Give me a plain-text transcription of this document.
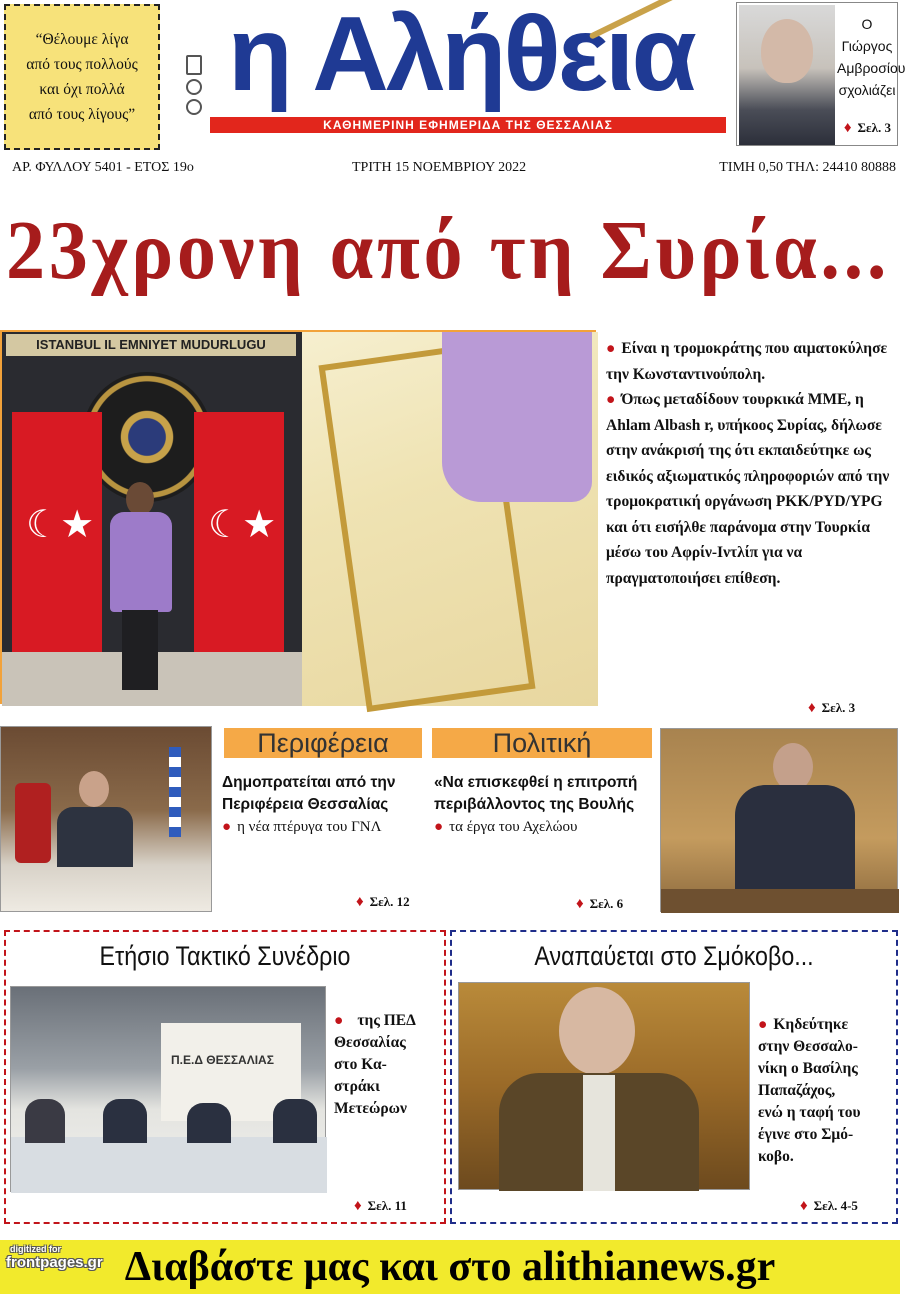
“Θέλουμε λίγα
από τους πολλούς
και όχι πολλά
από τους λίγους”
η Αλήθεια
ΚΑΘΗΜΕΡΙΝΗ ΕΦΗΜΕΡΙΔΑ ΤΗΣ ΘΕΣΣΑΛΙΑΣ
Ο Γιώργος
Αμβροσίου
σχολιάζει
♦ Σελ. 3
ΑΡ. ΦΥΛΛΟΥ 5401 - ΕΤΟΣ 19ο	ΤΡΙΤΗ 15 ΝΟΕΜΒΡΙΟΥ 2022	ΤΙΜΗ 0,50 ΤΗΛ: 24410 80888
23χρονη από τη Συρία...
ISTANBUL IL EMNIYET MUDURLUGU
☾★
☾★	● Είναι η τρομοκράτης που αιματοκύλησε την Κωνσταντινούπολη.

● Όπως μεταδίδουν τουρκικά ΜΜΕ, η Ahlam Albash r, υπήκοος Συρίας, δήλωσε στην ανάκρισή της ότι εκπαιδεύτηκε ως ειδικός αξιωματικός πληροφοριών από την τρομοκρατική οργάνωση PKK/PYD/YPG και ότι εισήλθε παράνομα στην Τουρκία μέσω του Αφρίν-Ιντλίπ για να πραγματοποιήσει επίθεση.

♦ Σελ. 3
Περιφέρεια
Δημοπρατείται από την Περιφέρεια Θεσσαλίας
● η νέα πτέρυγα του ΓΝΛ
♦ Σελ. 12
Πολιτική
«Να επισκεφθεί η επιτροπή περιβάλλοντος της Βουλής
● τα έργα του Αχελώου
♦ Σελ. 6
Ετήσιο Τακτικό Συνέδριο
Π.Ε.Δ ΘΕΣΣΑΛΙΑΣ
● της ΠΕΔ
Θεσσαλίας
στο Κα-
στράκι
Μετεώρων
♦ Σελ. 11
Αναπαύεται στο Σμόκοβο...
● Κηδεύτηκε
στην Θεσσαλο-
νίκη ο Βασίλης
Παπαζάχος,
ενώ η ταφή του
έγινε στο Σμό-
κοβο.
♦ Σελ. 4-5
Διαβάστε μας και στο alithianews.gr
digitized for
frontpages.gr
